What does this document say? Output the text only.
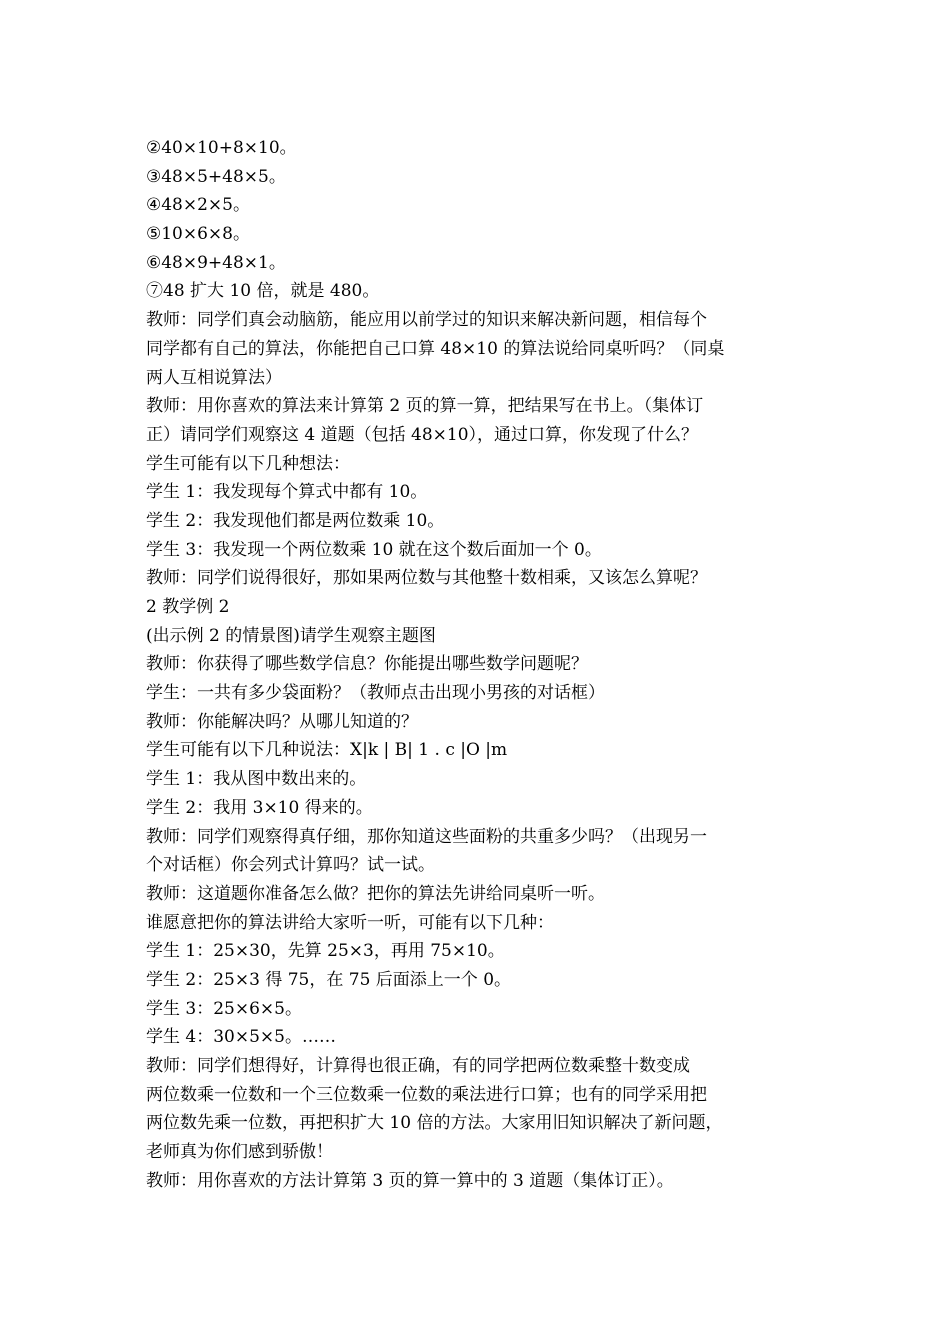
②40×10+8×10。

③48×5+48×5。

④48×2×5。

⑤10×6×8。

⑥48×9+48×1。

⑦48 扩大 10 倍，就是 480。

教师：同学们真会动脑筋，能应用以前学过的知识来解决新问题，相信每个

同学都有自己的算法，你能把自己口算 48×10 的算法说给同桌听吗？（同桌

两人互相说算法）

教师：用你喜欢的算法来计算第 2 页的算一算，把结果写在书上。（集体订

正）请同学们观察这 4 道题（包括 48×10），通过口算，你发现了什么？

学生可能有以下几种想法：

学生 1：我发现每个算式中都有 10。

学生 2：我发现他们都是两位数乘 10。

学生 3：我发现一个两位数乘 10 就在这个数后面加一个 0。

教师：同学们说得很好，那如果两位数与其他整十数相乘，又该怎么算呢？

2 教学例 2

(出示例 2 的情景图)请学生观察主题图

教师：你获得了哪些数学信息？你能提出哪些数学问题呢？

学生：一共有多少袋面粉？（教师点击出现小男孩的对话框）

教师：你能解决吗？从哪儿知道的？

学生可能有以下几种说法：X|k | B| 1 . c |O |m

学生 1：我从图中数出来的。

学生 2：我用 3×10 得来的。

教师：同学们观察得真仔细，那你知道这些面粉的共重多少吗？（出现另一

个对话框）你会列式计算吗？试一试。

教师：这道题你准备怎么做？把你的算法先讲给同桌听一听。

谁愿意把你的算法讲给大家听一听，可能有以下几种：

学生 1：25×30，先算 25×3，再用 75×10。

学生 2：25×3 得 75，在 75 后面添上一个 0。

学生 3：25×6×5。

学生 4：30×5×5。……

教师：同学们想得好，计算得也很正确，有的同学把两位数乘整十数变成

两位数乘一位数和一个三位数乘一位数的乘法进行口算；也有的同学采用把

两位数先乘一位数，再把积扩大 10 倍的方法。大家用旧知识解决了新问题，

老师真为你们感到骄傲！

教师：用你喜欢的方法计算第 3 页的算一算中的 3 道题（集体订正）。
